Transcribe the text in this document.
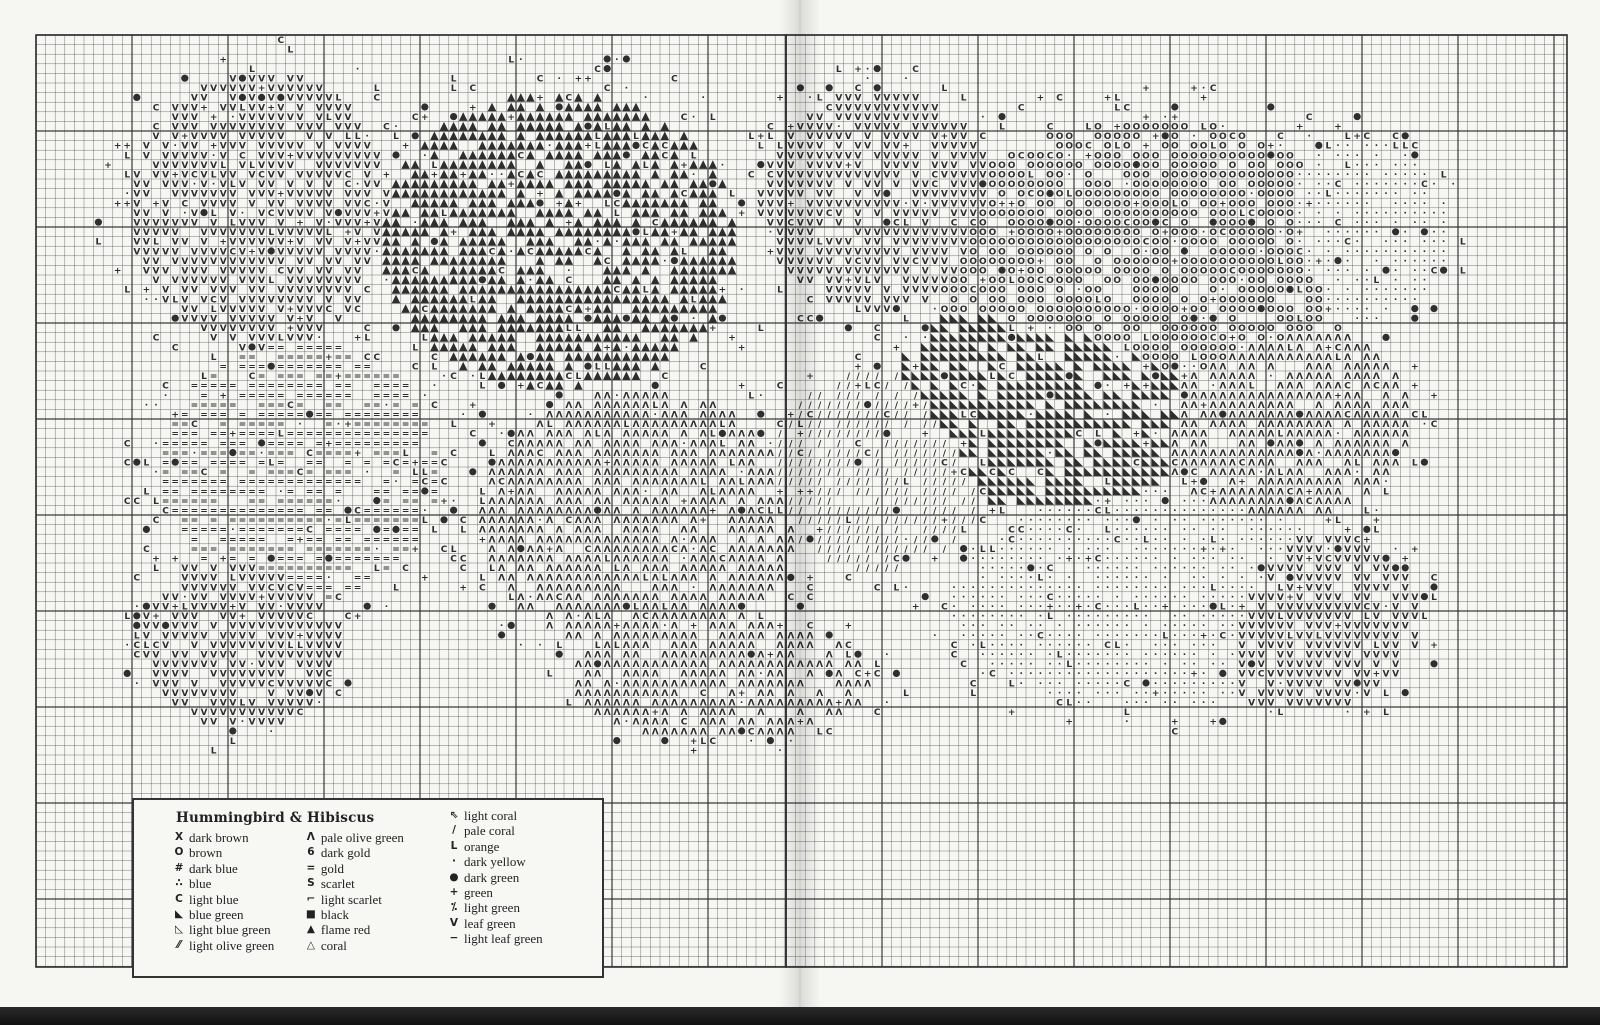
C
L
+	L ·	·
L	·	C
V V V V V V	L	C · + +	C
V V V V V V + V V V V V V	L	L C	C ·
V V V V V V V V V V L	C	+ C	·	·	+
C V V V + V V L V V + V V V V V V	+
V V V + · V V V V V V V V L V V	C +	+	C · L
C V V V V V V V V V V V V V V V V V C ·	L	C
V V + V V V V V V V V V V V L L ·	L	L	L	L + L
+ + V V · V V + V V V V V V V V V V V V V	+	·	+ L	C C	L L
L V V V V V V · V C V V V + V V V V V V V V V	·	C	C	L	V
+	V V V V V V V L V L V V V V V V V V V V V	L	L	L	+	·	V V
L V V V + V C V L V V V C V V V V V V V C V +	+ +	· · C C	·	C C V
V V V V V · V · V L V V V V V V C · V V	+	V V
· V V V V V V V V V V V V + V V V V V V V V V	+	C	L V V V
+ + V + V C V V V V V V V V V V V V V C · V	+ + L C	V V V
V V V · V L V · V C V V V V V V V V + V	L	L	+ V V V
V V V V V V V V L V V V V + V · V V V + V	·	+	C	V V
V V V V V V V V V V V V L V V V V V L + V V	+	L +	· V
L	V V L V V V + V V V V V V + V V V V + V V	· ·	V
V V V V V V V V V C V + V V V V V V V V V V ·	C · C	C	L	+ V
V V V V V V V V V V V V V V V V V V V V	C	·	V
+ V V V V V V V V V V V C V V V V V V	C	C	·
V V V V V V V V V V L V V V V V V V V	·	·	C
L + V V V V V V V V V V V V V V V V C	C	L	+ ·	L
· · V L V V C V V V V V V V V V V V V	L	L
V V L V V V V V V + V V V C V C	C	C +
V V V V V V V V V V + V V	·
V V V V V V V V + V V V	C	L L	+	L
C	V V V V V L V V V ·	+ L	L	+
C	V V = = = = = = =	L	+ ·	+
L = = = = = = = + = = C C	C
= = = = = = = = = = = = =	C L	L L	C
L =	C = = = = = = + = = = = = =	· C · L	C L	C
C = = = = = = = = = = = = = = = = = = =	·	L	+ C	+	C
·	= + = = = = = = = = = = = = = = = ·	Λ Λ · Λ Λ Λ Λ Λ	L ·
· ·	= = = = = = = = C = = = = = · = = C	+	Λ Λ Λ Λ Λ Λ Λ Λ L Λ Λ Λ Λ
+ = = = = = = = = = = = = = = = = = = = =	·	· Λ Λ Λ Λ Λ Λ Λ Λ Λ Λ Λ · Λ Λ Λ Λ Λ Λ Λ
= = C = = = = = = ·	= · + = = = = = = = = L	+	Λ L Λ Λ Λ Λ Λ Λ L Λ Λ Λ Λ Λ Λ Λ Λ Λ L Λ	C
= = = = = + = = = = L = = = = = = = = = = = = = = =	C	· Λ Λ Λ Λ Λ Λ L Λ Λ Λ Λ Λ Λ Λ Λ L Λ Λ Λ	/
C	· = = = = = = = = = = = = = + = = = = = = = = =	C Λ Λ Λ Λ Λ Λ Λ Λ Λ Λ Λ Λ Λ Λ · Λ Λ Λ L Λ Λ · /
= = = · = = = = = · = = = C = = = = + = = = L = C	L Λ Λ Λ C Λ Λ Λ Λ Λ Λ Λ Λ Λ Λ Λ Λ Λ Λ Λ Λ Λ Λ Λ Λ /
C L = = = = = = = = L = = = = = = C = + = = C	Λ Λ Λ Λ Λ Λ Λ Λ Λ Λ Λ + Λ Λ Λ Λ Λ Λ Λ Λ Λ Λ L Λ Λ	/
· = = = C = = = = = C = = = = ·	= L L =	Λ Λ Λ Λ Λ Λ Λ Λ Λ Λ Λ Λ Λ Λ Λ Λ Λ Λ Λ Λ Λ Λ · Λ Λ Λ /
= = = = = = = = = = = = = = = = = = = = = · = C = C	Λ C Λ Λ Λ Λ Λ Λ Λ Λ Λ Λ Λ Λ Λ Λ Λ Λ Λ Λ L Λ Λ L Λ Λ Λ /
L = = = = = = = = = = · = = = =	= = = = =	L Λ + Λ Λ Λ Λ Λ Λ Λ Λ Λ Λ · Λ Λ Λ L Λ Λ Λ Λ +
C C L = = = = = =	= = = = = = = = ·	= = = = + ·	L Λ Λ Λ Λ Λ Λ Λ Λ Λ Λ Λ Λ Λ Λ Λ Λ + Λ Λ Λ Λ Λ Λ Λ Λ
C = = = = = = = = = = = = = = = = C = = = = = = ·	Λ Λ Λ Λ Λ Λ Λ Λ Λ Λ Λ Λ Λ Λ Λ Λ Λ Λ Λ Λ + Λ Λ C L L
C = = = = = = = = = = = = = · = L = = = = = = = L	C Λ Λ Λ Λ Λ Λ · Λ C Λ Λ Λ Λ Λ Λ Λ Λ Λ Λ Λ + Λ Λ Λ Λ Λ
= = = = = · = = = = = = = C = = = = = = = L	L Λ Λ Λ Λ Λ Λ Λ Λ Λ Λ Λ Λ Λ Λ Λ Λ Λ	Λ Λ Λ Λ Λ
= = = = = = = + = = = = = = = = = =	+ Λ Λ Λ Λ Λ Λ Λ Λ Λ Λ Λ Λ Λ Λ Λ Λ Λ Λ · Λ Λ Λ Λ Λ Λ
C	= = = = = = = = = = = = = = = = = · = = + C L	Λ Λ Λ Λ + Λ C Λ Λ Λ Λ Λ Λ Λ Λ C Λ · Λ C Λ Λ Λ Λ Λ Λ
+ + = + = = = = = = = = = = = = =	C C Λ Λ Λ Λ Λ Λ Λ Λ Λ Λ Λ L Λ Λ Λ Λ Λ Λ · Λ Λ Λ C Λ Λ Λ Λ Λ
L V V V V V V = = = = = = = = = = L = C	C	L Λ Λ Λ Λ Λ Λ Λ Λ Λ L Λ Λ Λ Λ Λ Λ Λ Λ Λ Λ Λ Λ Λ Λ
C	V V V V L V V V V V = = = = ·	= =	+	L Λ Λ Λ Λ Λ Λ Λ Λ Λ Λ Λ Λ Λ Λ L Λ L Λ Λ Λ Λ Λ Λ Λ Λ Λ Λ
V V V V V V V V C V C V = = = = =	L	+ C Λ Λ Λ Λ Λ Λ Λ Λ Λ Λ	Λ Λ Λ · Λ Λ Λ Λ Λ Λ Λ
V V · V V V V V V + V V V V V = C	L Λ · Λ Λ C Λ Λ Λ Λ Λ Λ Λ Λ Λ Λ Λ Λ Λ Λ Λ Λ Λ Λ
· V V + L V V V V + V V V · V V V V	·	Λ Λ Λ Λ Λ Λ Λ Λ Λ L Λ Λ L Λ Λ Λ Λ Λ Λ
L V + V V V V V + V V V V V C	C +	Λ Λ · Λ L Λ Λ C Λ Λ Λ Λ Λ Λ Λ Λ Λ L
V V V V V V V V V V V V V V V V V V	·	Λ Λ Λ Λ Λ Λ + Λ Λ Λ Λ · Λ + Λ Λ Λ Λ Λ Λ +
L V V V V V V V V V V V V V + V V V V	Λ Λ Λ Λ Λ Λ Λ Λ Λ Λ Λ Λ Λ Λ Λ Λ Λ Λ
· C L C V V V V V V V V V V L L V V V V	· · L	L Λ L Λ Λ Λ Λ Λ Λ Λ Λ Λ Λ Λ Λ
C V V V V V V V V V V V V V V V V V	Λ Λ Λ Λ Λ Λ Λ Λ Λ Λ Λ Λ Λ Λ Λ + Λ
V V V V V V V V V · V V V V V V V	Λ Λ Λ Λ Λ Λ Λ Λ Λ Λ Λ Λ Λ Λ Λ Λ Λ Λ Λ Λ
V V V V V V V V V V V V V V C	L	Λ Λ Λ Λ Λ Λ Λ Λ Λ Λ Λ Λ Λ · Λ Λ
· V V V V V V V V V C V V V V V C	Λ Λ Λ · Λ Λ Λ Λ Λ Λ Λ Λ Λ Λ Λ Λ Λ Λ Λ Λ
V V V V V V V V	V V V V C	Λ Λ Λ Λ Λ Λ Λ Λ Λ Λ Λ C Λ + Λ Λ
V V V V V L V V V V V V ·	L Λ Λ Λ Λ Λ Λ Λ Λ Λ Λ Λ Λ Λ Λ Λ · Λ Λ Λ Λ
V V V V V V V V V V V C	Λ Λ Λ Λ Λ Λ + Λ Λ Λ Λ Λ Λ Λ
V V V · V V V V	Λ · Λ Λ Λ Λ C Λ Λ Λ Λ Λ Λ Λ
·	Λ Λ Λ Λ Λ Λ Λ Λ Λ C Λ Λ Λ
L	+ L C	·
L	+	·
L + ·	C
·	·
C	L	+	+ · C
· L V V V V V V V V	L	+ C	+ L	+
C V V V V V V V V V V V	C	L C
V V V V V V V V V V V V V	·	+ · +	C
+ V V V V · V V V V V V V V V V V	L	C	L O + O O O O O O O L O ·	+	+
V V V V V V V V V V V V + V V C	O O O O O O O O + O · O O C O	C	·	L + C C
V V V V V V V V V + V V V V V	O O O C O L O + O O O O L O O O + ·	L · · · · · L L C
V V V V V V V V V V V V V V V V V V O C O O C O · + O O O O O O O O O O O O O O O O O O	· · · · ·	·
V V V V V + V V V V V V V V V V O O O O O O O O O O O O O O O O O O O O O O O O O O ·	L · · · · · ·
V V V V V V V V V V V V V C V V V V V O O O O L O O · O	O O O O O O O O O O O O O O O O O · · · · · · · · · · · · · L
V V V V V V V V V V V C V V V O O O O O O O O O O O · O O O O O O O O O O O O O O O · · · C · · · · · · · C · ·
V V V V V V	V V V V V V V V O O C O O L O O O O O O O O O O O O O O O O O · O O O O · · L · · · · · · · · ·
+ V V V V V V V V V V · V · V V V V V V O + + O O O O O O O O O + O O O L O O O + O O O O O O · + · · · · · ·	· · · · ·
V V V V C V V V V V V V V V V V O O O O O O O O O O O O O O O O O O O O O O O O L C O O O O · · · · · · · · · · · · ·
C V V V V V	C L V C C O O O O O O O · O O O O C O O C O	O O O O O · · · C · · · · · · ·
V V V	V V V V V V V V V V V V O O O + O O O O + O O O O O O O O O + O O O · O C O O O O O · O +	· · · · · ·	·	· ·
V V V L V V V V V V V V V V V V V O O O O O O O O O O O O O O O O O O C O O · O O O O O O O O O O · · · · C ·	· · · · · · L
V V V V V V V V V V V V V V V V O O O O O O O O O O O O · O O	O O O O O · O O O C · · · · · · · · · · · · ·
V V V V V V C V V V V C V V V O O O O O O O O + O O O O O O O O O + O O O O O O O O O O L O O · + · ·	· · · · · · ·
V V V V V V V V V V V V V V V V O O O O + O O O O O O O O O O O O O O O O O C O O O O O O O · · · · ·	· · · C	L
V V V V + V L V V V V V V O O + O O L O O C O O O O O O O O O O O O O O O · O O O O O O	· · · L · · ·
V V V V V V V V V V O O O C O O O O O O O · O O	O O O O O	O · O O O O O L O O · · · · · · · · ·
C V V V V V V V V V O O O O O O O O O O O L O O O O O O O + O O O O O O	O O · · · · · · · · · ·
L V V V	· O O O O O O O O O O O O O O O O O O · O O O O + O O O O O O O O O O O + · · · · ·
C C	L	O O O O O O O O O O O O O O O ·	O	O O L O O	· · ·
C	L + · O O O O O O O O O O O O O O O O O O O O
C	· ·	O O O O L O O O O O O C O + O O · O Λ Λ Λ Λ Λ Λ Λ
+	L O O O O O O O O O O · Λ Λ Λ Λ L Λ Λ + C Λ Λ Λ
C	L	·	O O O O L O O O Λ Λ Λ Λ Λ Λ Λ Λ Λ Λ Λ L Λ Λ Λ
+	+	C	+ O · · O Λ Λ Λ Λ Λ	Λ Λ Λ Λ Λ Λ Λ Λ +
+	/ / / / /	L C	+ Λ Λ Λ Λ Λ Λ · Λ Λ Λ Λ Λ Λ Λ Λ Λ Λ
/ / + L C / /	C ·	· + +	Λ Λ · Λ Λ Λ L Λ Λ Λ Λ Λ Λ C Λ C Λ Λ +
/ / / / / / / /	Λ Λ Λ Λ Λ Λ Λ Λ Λ Λ Λ Λ Λ Λ Λ + Λ Λ Λ Λ +
/ / / / / / / / / / / + /	·	Λ Λ + Λ Λ Λ Λ Λ Λ Λ Λ Λ Λ Λ Λ Λ Λ Λ Λ Λ
+ / C / / / / / / / C / / /	L C	·	·	Λ Λ Λ Λ Λ Λ Λ Λ Λ Λ Λ Λ Λ Λ C Λ Λ Λ Λ Λ C L
/ L / / / / / / / / / / /	Λ Λ Λ Λ Λ Λ Λ Λ Λ Λ Λ Λ Λ Λ Λ Λ Λ Λ Λ Λ · C
+ / / / / / / / /	+	L	C L	+ · Λ Λ Λ Λ Λ Λ Λ Λ Λ L Λ Λ Λ Λ Λ · Λ Λ Λ Λ Λ Λ
/ / / / C	/ / / / / / / +	+ Λ Λ Λ	Λ Λ Λ Λ Λ Λ Λ Λ Λ Λ Λ Λ
/ C / / / / / C / / / / / / / /	·	Λ Λ Λ Λ Λ Λ Λ Λ Λ Λ Λ Λ Λ Λ · Λ Λ Λ Λ Λ Λ Λ
/ / / / / / /	/ / / / / / C /	L	C	C Λ Λ Λ Λ Λ Λ C Λ Λ Λ Λ Λ Λ Λ L Λ Λ Λ L
/ / / / / / / / / / / / / / / + C C C C	Λ C Λ Λ Λ Λ Λ · Λ L Λ Λ Λ Λ Λ · Λ Λ
/ / / / / / / / / / L / / / / /	L	L +	Λ + Λ Λ Λ Λ Λ Λ Λ Λ Λ Λ Λ Λ ·
+ + / / / / / / / / / / / / / C	· · ·	Λ C + Λ Λ Λ Λ Λ Λ Λ C Λ + Λ Λ Λ Λ L
/ / / / /	/ / / / / / / / /	· + · · ·	· · · Λ Λ Λ Λ Λ Λ Λ Λ Λ C Λ Λ Λ Λ
/ / / / / / / / / /	/ / / / / + L	· · · · · · C L · · · · · · · · · · · · · · Λ Λ Λ Λ Λ Λ Λ Λ	L ·
/ / / / / L / / / / / / / / + / / / C	· · · · · · · · · · ·	· · · · · · · · · · ·	+ L	+
Λ + / / / / / / /	/ / / / L	C C · · · · C ·	L · · · · · · · · · ·	· · · · · ·	+ L
Λ / / / / / / / / / / · / /	/	· C · · · · · · · · · · C · · L · · · · L · · · · · · · V V V V V C +
Λ	/ / / / / / / / / / / /	· L L · · · · · · · · · ·	· · · · · · · + · + ·	· · · V V V V · V V V	· +
/ / / / / / C	+	· · · · · · · · · + · + C · · · · · · · · · · · ·	· V V + V C V V V V V +
/ / / / /	· · · · · · C	· · · · · · · · · · · · · · · V V V V V V V V V V
+	C	· · · · · L · ·	· · · · · · ·	· · · · · V V V V V V V V V V V C
C	C L ·	· · · · · · · · · · · · · · · · · · · · · · · · · L · · · ·	L V + V V V V V V V V
C C	· · · · · · · · · C · · · · · · · · · · · · · · · · · V V V V + V V V V V V V V V L
+ C · · · · · · · · + · · + · C · · · L · · + · · · L · + V V V V V V V V V V C V · V V
· · · · · · · · · L · · · · · · · · ·	· · · · · · · V V V L V V V V V V V L V V V V L
C	+	· · · · · · · · · · · · · · · · · · · · · · V V V V V V V V V + V V V V V V V
Λ Λ Λ	·	· · · · · · · C · · · · · · · · · · · L · · · + · C · V V V V V L V V L V V V V V V V V V
Λ Λ Λ Λ C	C · L · · · · · · · · · · C L ·	· · · · · ·	V V V V V V V V V V V L V V V +
Λ	Λ L	·	C	· · · · · · · L · · · · · · · · · · · · · · · V V V V V V V V V V V V V V
Λ Λ Λ Λ Λ Λ Λ L	C	· · · · · · · L · · · · · · · · · · · · · V V V V V V V V V V V V
Λ Λ C + C	· C · · · · · · · · · · · · · · · · · · · + ·	V V C V V V V V V V V V V + V V
Λ Λ	Λ Λ Λ Λ	C	L · · · · · · · · · C	· · · · · · · · · V V · V V V V V V V V
Λ Λ Λ	L	L	· · · · · · · · · + · · · · · · · V V V V V V V V V V · V L
Λ Λ Λ Λ Λ + Λ Λ	·	C L · ·	· · · · · · · ·	V V V V V V V V V V
Λ Λ Λ	C	+	L	· L	· + L
Λ + Λ	+	·	+	+
Λ L C	C
·
Hummingbird & Hibiscus
X dark brown
O brown
# dark blue
∴ blue
C light blue
◣ blue green
◺ light blue green
⁄⁄ light olive green
Λ pale olive green
6 dark gold
= gold
S scarlet
⌐ light scarlet
■ black
▲ flame red
△ coral
⇖ light coral
/ pale coral
L orange
· dark yellow
● dark green
+ green
⁒ light green
V leaf green
− light leaf green
